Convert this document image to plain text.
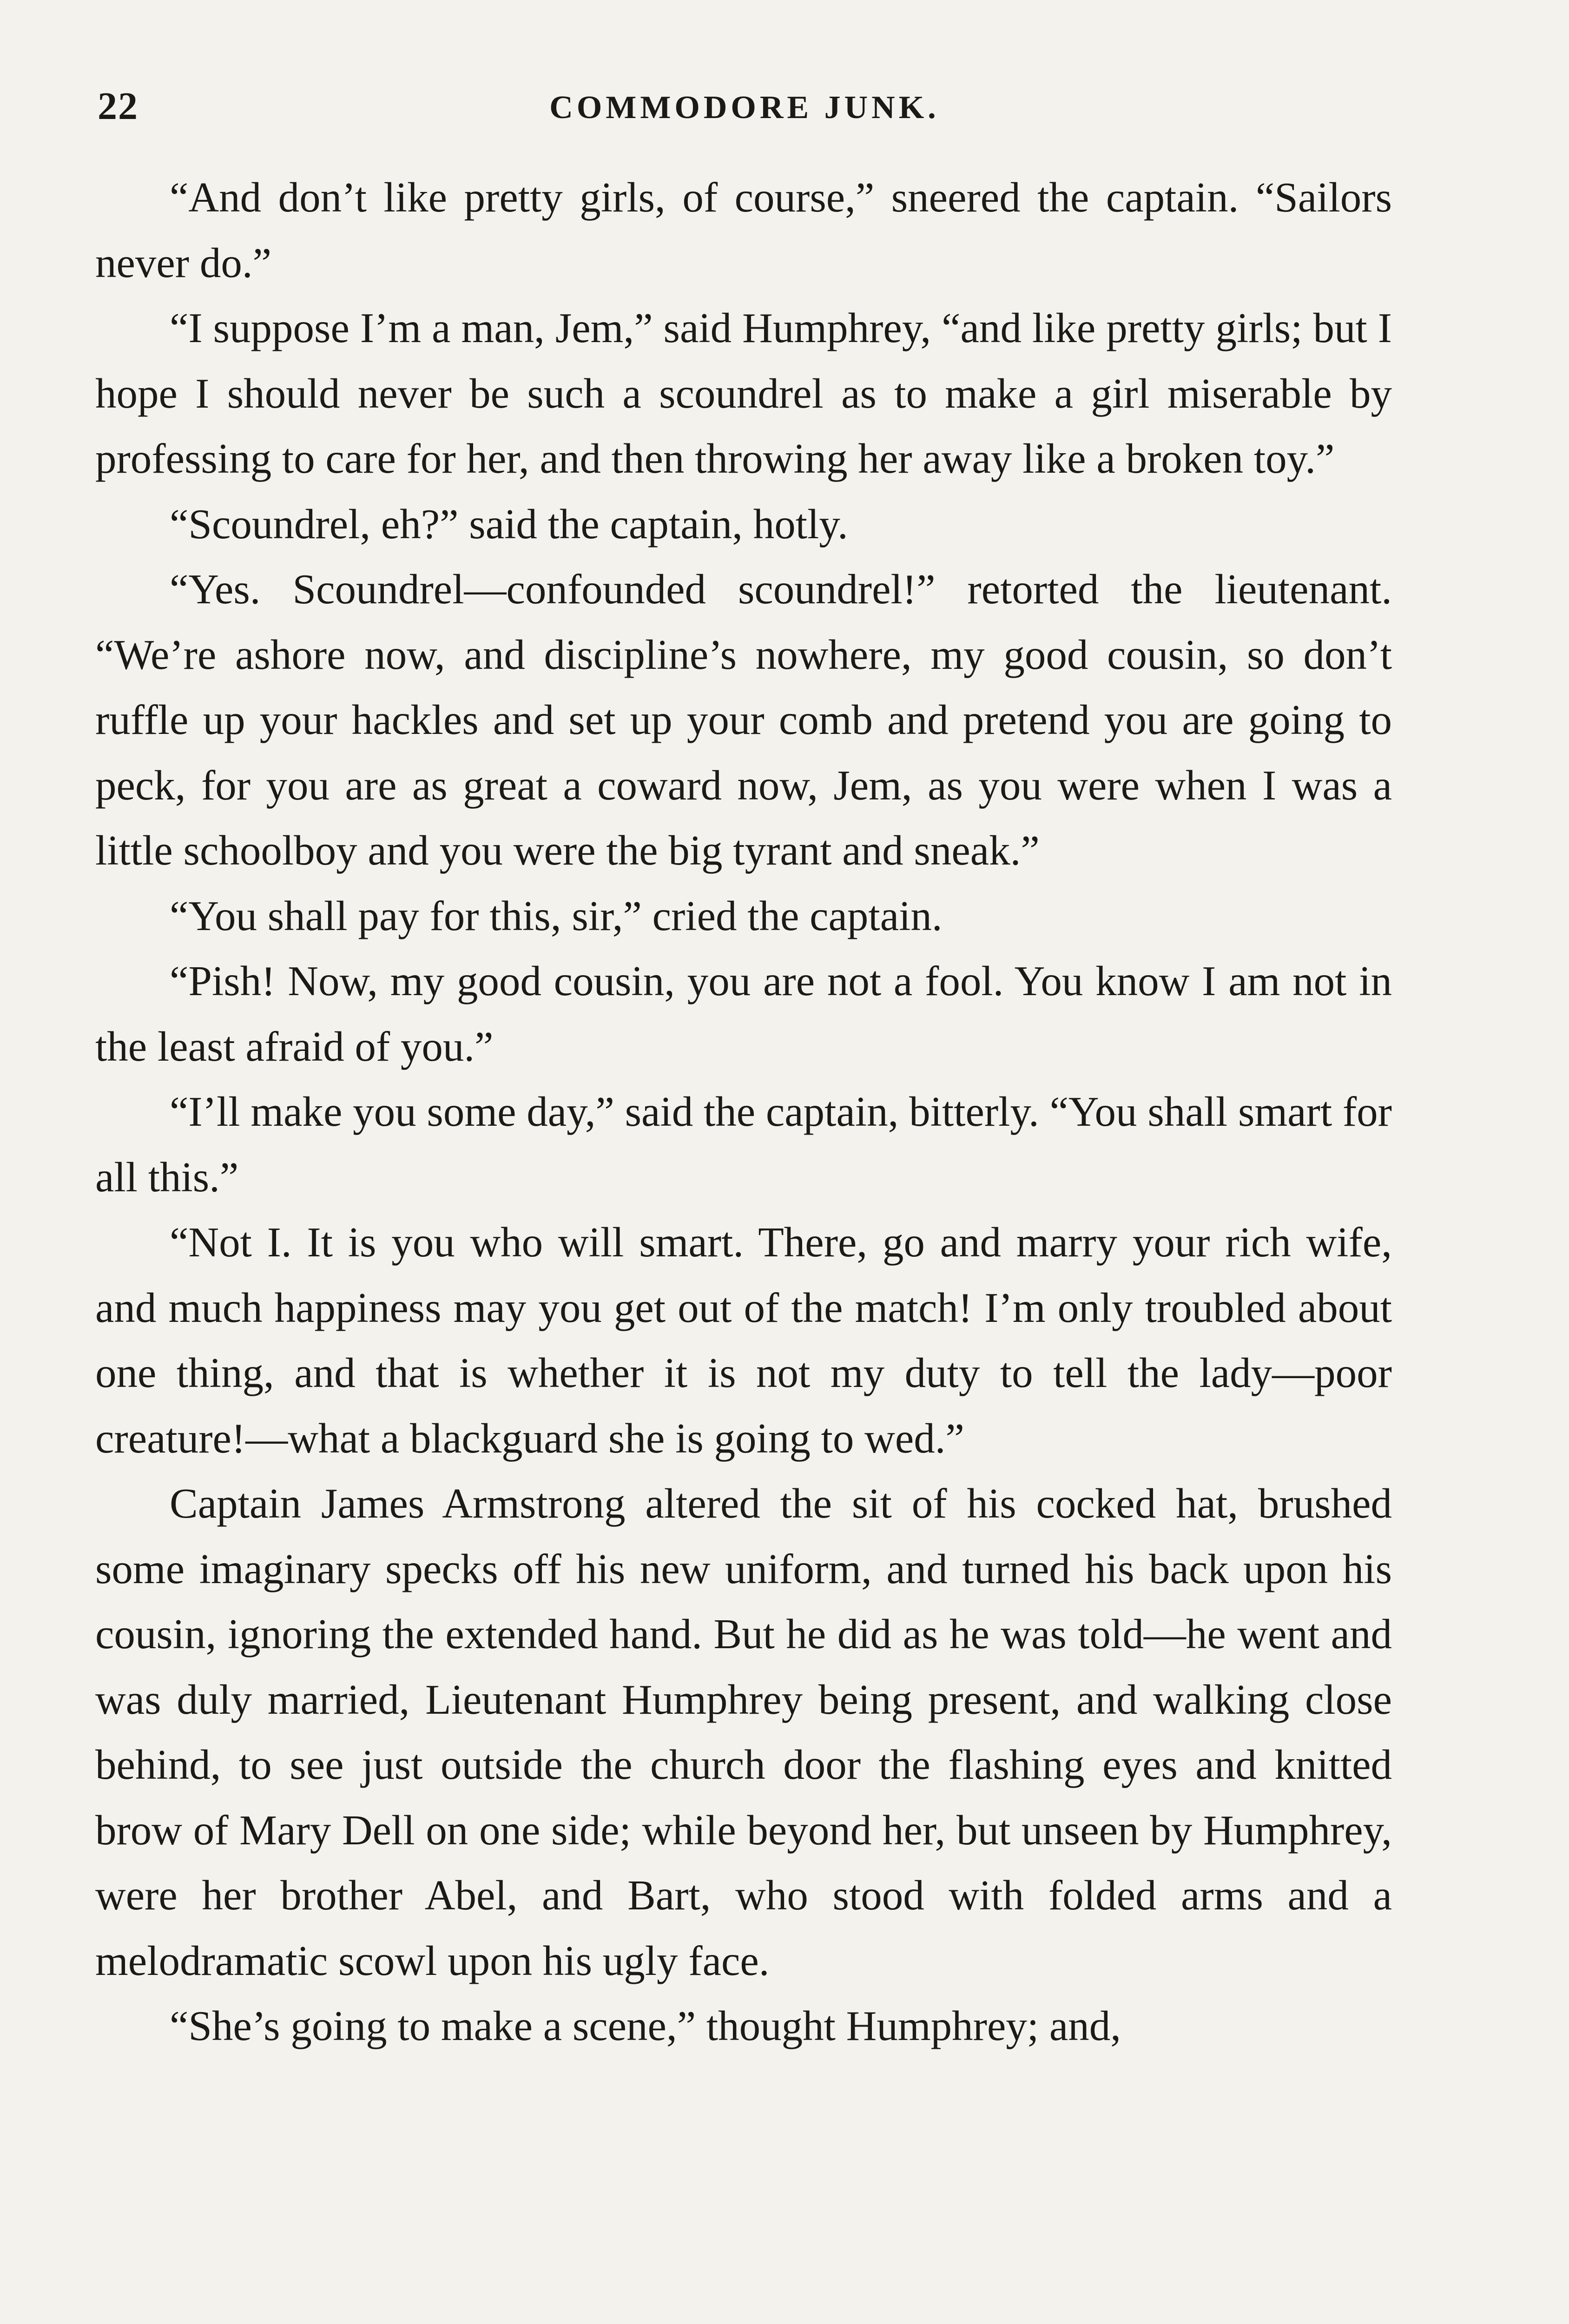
22	COMMODORE JUNK.

“And don’t like pretty girls, of course,” sneered the captain. “Sailors never do.”

“I suppose I’m a man, Jem,” said Humphrey, “and like pretty girls; but I hope I should never be such a scoundrel as to make a girl miserable by professing to care for her, and then throwing her away like a broken toy.”

“Scoundrel, eh?” said the captain, hotly.

“Yes. Scoundrel—confounded scoundrel!” retorted the lieutenant. “We’re ashore now, and discipline’s nowhere, my good cousin, so don’t ruffle up your hackles and set up your comb and pretend you are going to peck, for you are as great a coward now, Jem, as you were when I was a little schoolboy and you were the big tyrant and sneak.”

“You shall pay for this, sir,” cried the captain.

“Pish! Now, my good cousin, you are not a fool. You know I am not in the least afraid of you.”

“I’ll make you some day,” said the captain, bitterly. “You shall smart for all this.”

“Not I. It is you who will smart. There, go and marry your rich wife, and much happiness may you get out of the match! I’m only troubled about one thing, and that is whether it is not my duty to tell the lady—poor creature!—what a blackguard she is going to wed.”

Captain James Armstrong altered the sit of his cocked hat, brushed some imaginary specks off his new uniform, and turned his back upon his cousin, ignoring the extended hand. But he did as he was told—he went and was duly married, Lieutenant Humphrey being present, and walking close behind, to see just outside the church door the flashing eyes and knitted brow of Mary Dell on one side; while beyond her, but unseen by Humphrey, were her brother Abel, and Bart, who stood with folded arms and a melodramatic scowl upon his ugly face.

“She’s going to make a scene,” thought Humphrey; and,
